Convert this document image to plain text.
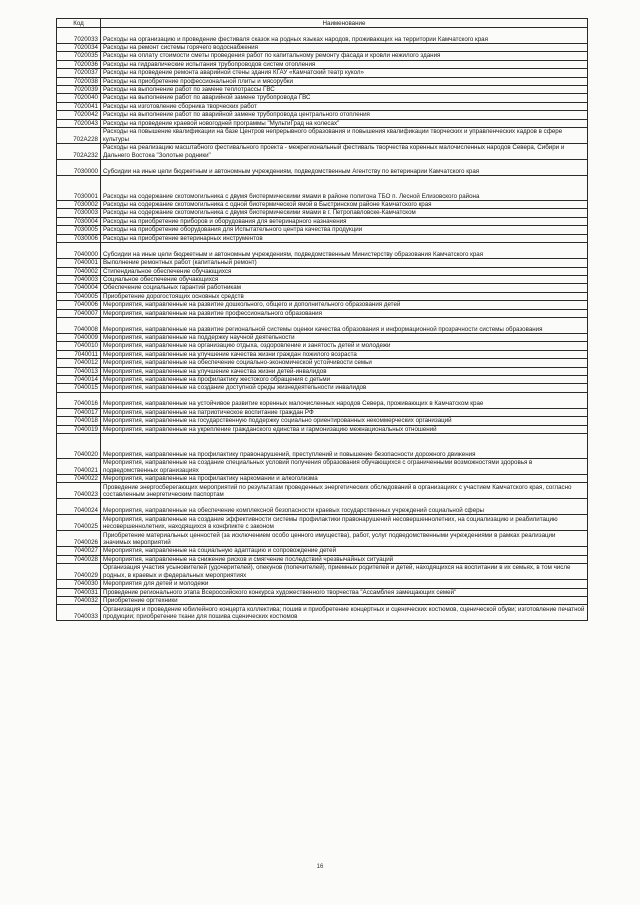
Код	Наименование
7020033	Расходы на организацию и проведение фестиваля сказок на родных языках народов, проживающих на территории Камчатского края
7020034	Расходы на ремонт системы горячего водоснабжения
7020035	Расходы на оплату стоимости сметы проведения работ по капитальному ремонту фасада и кровли нежилого здания
7020036	Расходы на гидравлические испытания трубопроводов систем отопления
7020037	Расходы на проведение ремонта аварийной стены здания КГАУ «Камчатский театр кукол»
7020038	Расходы на приобретение профессиональной плиты и мясорубки
7020039	Расходы на выполнение работ по замене теплотрассы ГВС
7020040	Расходы на выполнение работ по аварийной замене трубопровода ГВС
7020041	Расходы на изготовление сборника творческих работ
7020042	Расходы на выполнение работ по аварийной замене трубопровода центрального отопления
7020043	Расходы на проведение краевой новогодней программы "МультиГрад на колесах"
702A228	Расходы на повышение квалификации на базе Центров непрерывного образования и повышения квалификации творческих и управленческих кадров в сфере культуры
702A232	Расходы на реализацию масштабного фестивального проекта - межрегиональный фестиваль творчества коренных малочисленных народов Севера, Сибири и Дальнего Востока "Золотые родники"
7030000	Субсидии на иные цели бюджетным и автономным учреждениям, подведомственным Агентству по ветеринарии Камчатского края
7030001	Расходы на содержание скотомогильника с двумя биотермическими ямами в районе полигона ТБО п. Лесной Елизовского района
7030002	Расходы на содержание скотомогильника с одной биотермической ямой в Быстринском районе Камчатского края
7030003	Расходы на содержание скотомогильника с двумя биотермическими ямами в г. Петропавловске-Камчатском
7030004	Расходы на приобретение приборов и оборудования для ветеринарного назначения
7030005	Расходы на приобретение оборудования для Испытательного центра качества продукции
7030006	Расходы на приобретение ветеринарных инструментов
7040000	Субсидии на иные цели бюджетным и автономным учреждениям, подведомственным Министерству образования Камчатского края
7040001	Выполнение ремонтных работ (капитальный ремонт)
7040002	Стипендиальное обеспечение обучающихся
7040003	Социальное обеспечение обучающихся
7040004	Обеспечение социальных гарантий работникам
7040005	Приобретение дорогостоящих основных средств
7040006	Мероприятия, направленные на развитие дошкольного, общего и дополнительного образования детей
7040007	Мероприятия, направленные на развитие профессионального образования
7040008	Мероприятия, направленные на развитие региональной системы оценки качества образования и информационной прозрачности системы образования
7040009	Мероприятия, направленные на поддержку научной деятельности
7040010	Мероприятия, направленные на организацию отдыха, оздоровление и занятость детей и молодежи
7040011	Мероприятия, направленные на улучшение качества жизни граждан пожилого возраста
7040012	Мероприятия, направленные на обеспечение социально-экономической устойчивости семьи
7040013	Мероприятия, направленные на улучшение качества жизни детей-инвалидов
7040014	Мероприятия, направленные на профилактику жестокого обращения с детьми
7040015	Мероприятия, направленные на создание доступной среды жизнедеятельности инвалидов
7040016	Мероприятия, направленные на устойчивое развитие коренных малочисленных народов Севера, проживающих в Камчатском крае
7040017	Мероприятия, направленные на патриотическое воспитание граждан РФ
7040018	Мероприятия, направленные на государственную поддержку социально ориентированных некоммерческих организаций
7040019	Мероприятия, направленные на укрепление гражданского единства и гармонизацию межнациональных отношений
7040020	Мероприятия, направленные на профилактику правонарушений, преступлений и повышение безопасности дорожного движения
7040021	Мероприятия, направленные на создание специальных условий получения образования обучающихся с ограниченными возможностями здоровья в подведомственных организациях
7040022	Мероприятия, направленные на профилактику наркомании и алкоголизма
7040023	Проведение энергосберегающих мероприятий по результатам проведенных энергетических обследований в организациях с участием Камчатского края, согласно составленным энергетическим паспортам
7040024	Мероприятия, направленные на обеспечение комплексной безопасности краевых государственных учреждений социальной сферы
7040025	Мероприятия, направленные на создание эффективности системы профилактики правонарушений несовершеннолетних, на социализацию и реабилитацию несовершеннолетних, находящихся в конфликте с законом
7040026	Приобретение материальных ценностей (за исключением особо ценного имущества), работ, услуг подведомственными учреждениями в рамках реализации значимых мероприятий
7040027	Мероприятия, направленные на социальную адаптацию и сопровождение детей
7040028	Мероприятия, направленные на снижение рисков и смягчение последствий чрезвычайных ситуаций
7040029	Организация участия усыновителей (удочерителей), опекунов (попечителей), приемных родителей и детей, находящихся на воспитании в их семьях, в том числе родных, в краевых и федеральных мероприятиях
7040030	Мероприятия для детей и молодежи
7040031	Проведение регионального этапа Всероссийского конкурса художественного творчества "Ассамблея замещающих семей"
7040032	Приобретение оргтехники
7040033	Организация и проведение юбилейного концерта коллектива; пошив и приобретение концертных и сценических костюмов, сценической обуви; изготовление печатной продукции; приобретение ткани для пошива сценических костюмов
16
